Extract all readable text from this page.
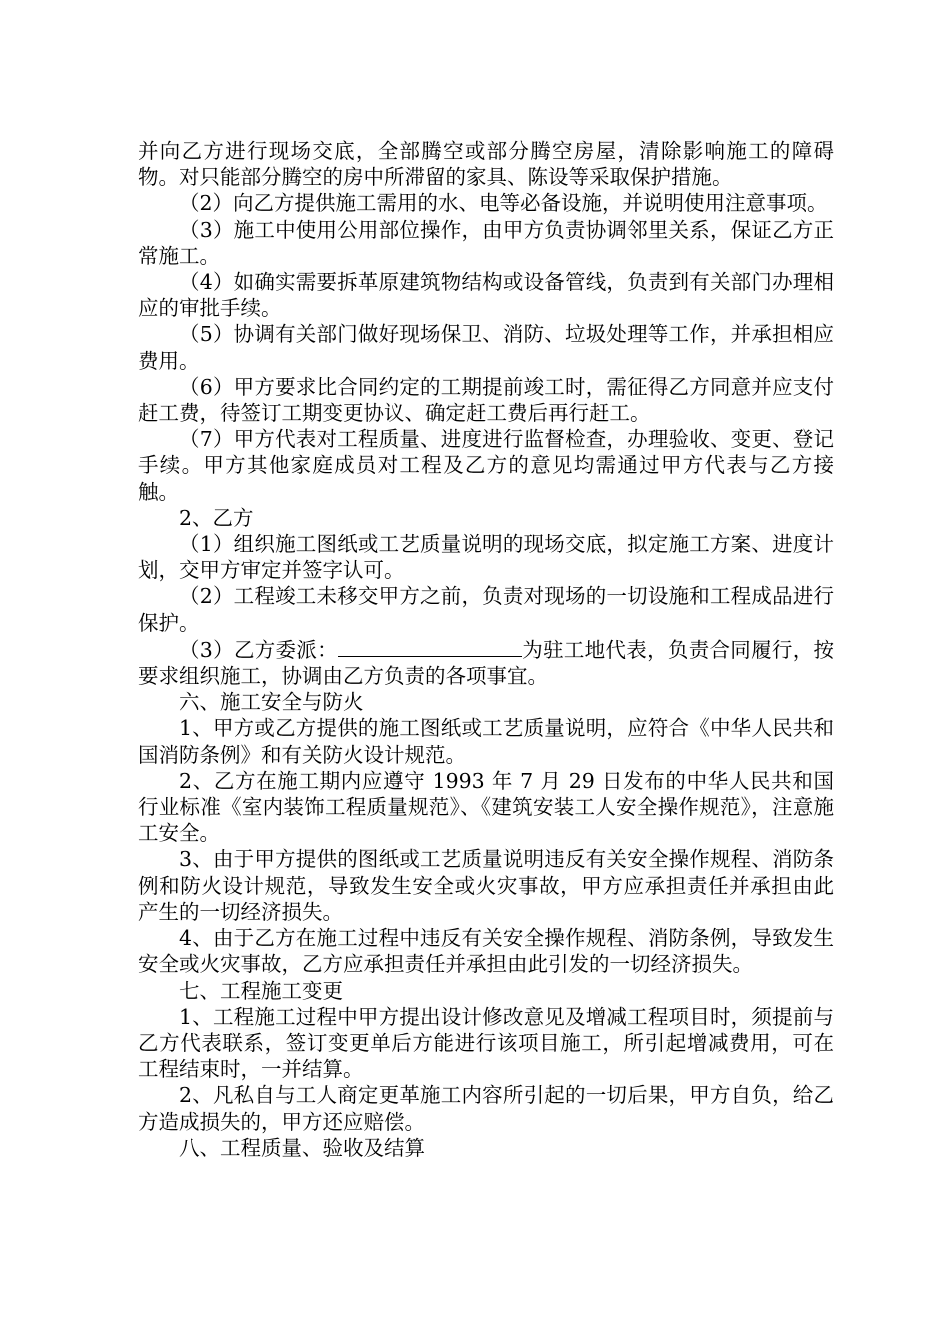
并向乙方进行现场交底，全部腾空或部分腾空房屋，清除影响施工的障碍物。对只能部分腾空的房中所滞留的家具、陈设等采取保护措施。

（2）向乙方提供施工需用的水、电等必备设施，并说明使用注意事项。

（3）施工中使用公用部位操作，由甲方负责协调邻里关系，保证乙方正常施工。

（4）如确实需要拆革原建筑物结构或设备管线，负责到有关部门办理相应的审批手续。

（5）协调有关部门做好现场保卫、消防、垃圾处理等工作，并承担相应费用。

（6）甲方要求比合同约定的工期提前竣工时，需征得乙方同意并应支付赶工费，待签订工期变更协议、确定赶工费后再行赶工。

（7）甲方代表对工程质量、进度进行监督检查，办理验收、变更、登记手续。甲方其他家庭成员对工程及乙方的意见均需通过甲方代表与乙方接触。

2、乙方

（1）组织施工图纸或工艺质量说明的现场交底，拟定施工方案、进度计划，交甲方审定并签字认可。

（2）工程竣工未移交甲方之前，负责对现场的一切设施和工程成品进行保护。

（3）乙方委派：	为驻工地代表，负责合同履行，按要求组织施工，协调由乙方负责的各项事宜。

六、施工安全与防火

1、甲方或乙方提供的施工图纸或工艺质量说明，应符合《中华人民共和国消防条例》和有关防火设计规范。

2、乙方在施工期内应遵守 1993 年 7 月 29 日发布的中华人民共和国行业标准《室内装饰工程质量规范》、《建筑安装工人安全操作规范》，注意施工安全。

3、由于甲方提供的图纸或工艺质量说明违反有关安全操作规程、消防条例和防火设计规范，导致发生安全或火灾事故，甲方应承担责任并承担由此产生的一切经济损失。

4、由于乙方在施工过程中违反有关安全操作规程、消防条例，导致发生安全或火灾事故，乙方应承担责任并承担由此引发的一切经济损失。

七、工程施工变更

1、工程施工过程中甲方提出设计修改意见及增减工程项目时，须提前与乙方代表联系，签订变更单后方能进行该项目施工，所引起增减费用，可在工程结束时，一并结算。

2、凡私自与工人商定更革施工内容所引起的一切后果，甲方自负，给乙方造成损失的，甲方还应赔偿。

八、工程质量、验收及结算
